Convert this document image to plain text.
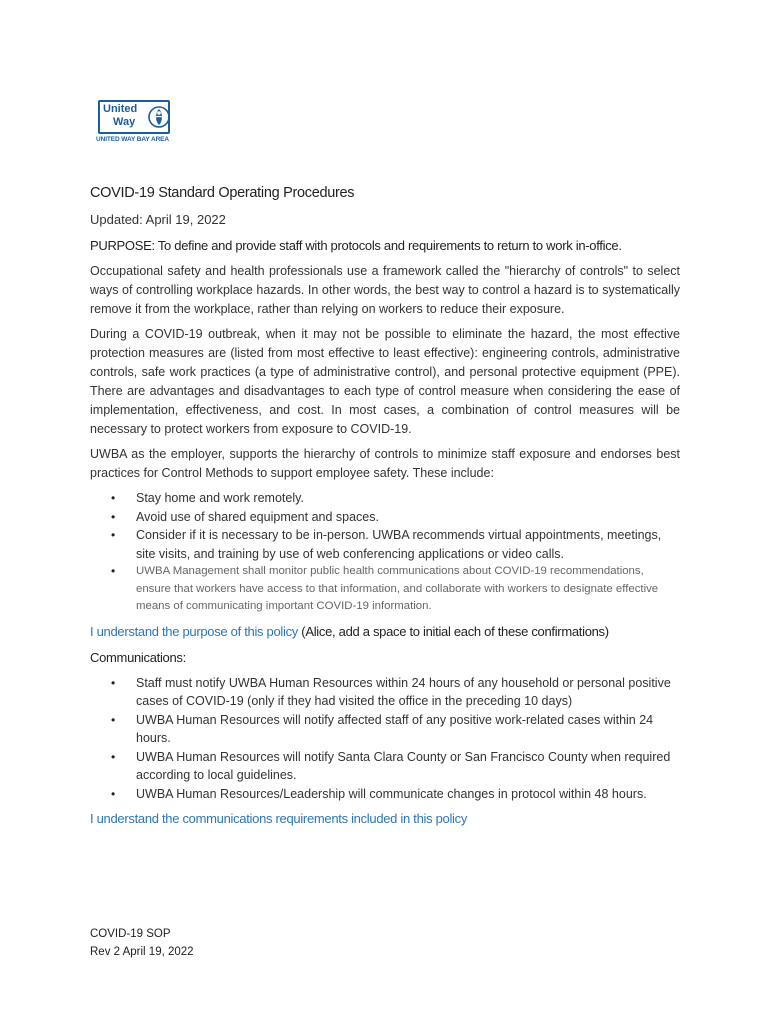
United
Way
UNITED WAY BAY AREA
COVID-19 Standard Operating Procedures
Updated: April 19, 2022
PURPOSE: To define and provide staff with protocols and requirements to return to work in-office.

Occupational safety and health professionals use a framework called the "hierarchy of controls" to select ways of controlling workplace hazards. In other words, the best way to control a hazard is to systematically remove it from the workplace, rather than relying on workers to reduce their exposure.

During a COVID-19 outbreak, when it may not be possible to eliminate the hazard, the most effective protection measures are (listed from most effective to least effective): engineering controls, administrative controls, safe work practices (a type of administrative control), and personal protective equipment (PPE). There are advantages and disadvantages to each type of control measure when considering the ease of implementation, effectiveness, and cost. In most cases, a combination of control measures will be necessary to protect workers from exposure to COVID-19.

UWBA as the employer, supports the hierarchy of controls to minimize staff exposure and endorses best practices for Control Methods to support employee safety. These include:

• Stay home and work remotely.
• Avoid use of shared equipment and spaces.
• Consider if it is necessary to be in-person. UWBA recommends virtual appointments, meetings, site visits, and training by use of web conferencing applications or video calls.
• UWBA Management shall monitor public health communications about COVID-19 recommendations, ensure that workers have access to that information, and collaborate with workers to designate effective means of communicating important COVID-19 information.
I understand the purpose of this policy (Alice, add a space to initial each of these confirmations)
Communications:
• Staff must notify UWBA Human Resources within 24 hours of any household or personal positive cases of COVID-19 (only if they had visited the office in the preceding 10 days)
• UWBA Human Resources will notify affected staff of any positive work-related cases within 24 hours.
• UWBA Human Resources will notify Santa Clara County or San Francisco County when required according to local guidelines.
• UWBA Human Resources/Leadership will communicate changes in protocol within 48 hours.
I understand the communications requirements included in this policy
COVID-19 SOP
Rev 2 April 19, 2022
